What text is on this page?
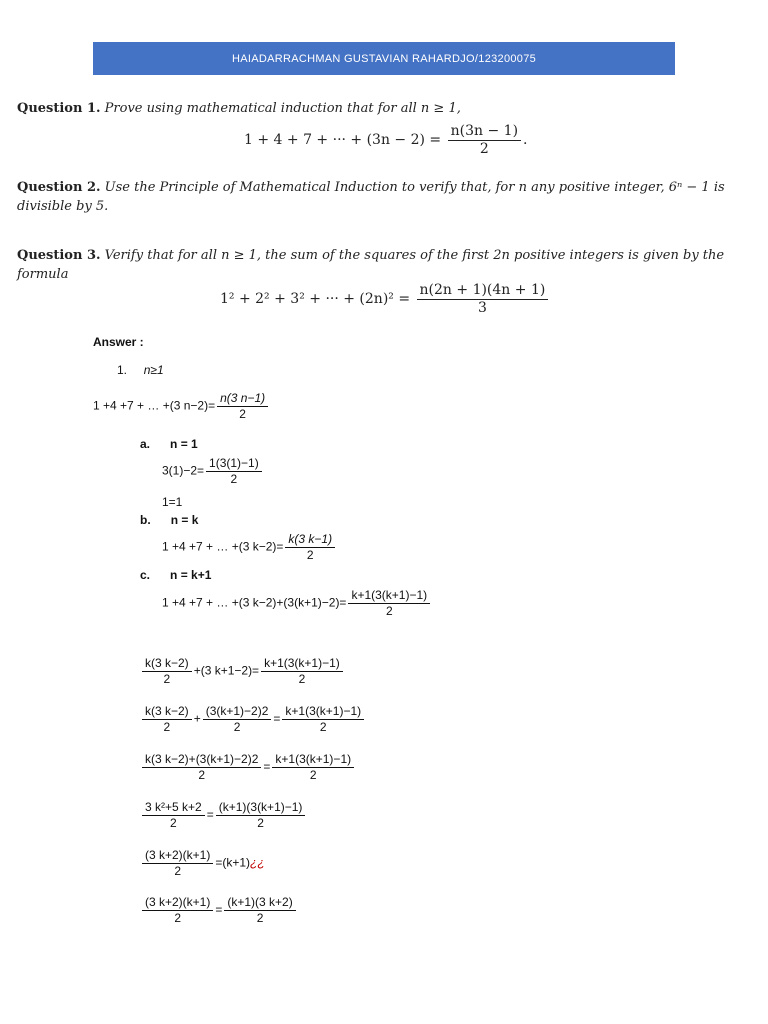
HAIADARRACHMAN GUSTAVIAN RAHARDJO/123200075
Question 1. Prove using mathematical induction that for all n ≥ 1,
1 + 4 + 7 + ··· + $(3n - 2) = \frac{n(3n - 1)}{2}$ .
Question 2. Use the Principle of Mathematical Induction to verify that, for n any positive integer, 6ⁿ − 1 is divisible by 5.
Question 3. Verify that for all n ≥ 1, the sum of the squares of the first 2n positive integers is given by the formula
1² + 2² + 3² + ··· + $(2n)^2 = \frac{n(2n + 1)(4n + 1)}{3}$
Answer :
1. n≥1
1 +4 +7 + … +(3 $n-2)= \frac{n(3 n-1)}{2}$
a. n = 1
$3(1)-2= \frac{1(3(1)-1)}{2}$
1=1
b. n = k
1 +4 +7 + … +(3 $k-2)= \frac{k(3 k-1)}{2}$
c. n = k+1
1 +4 +7 + … +(3 $k-2)+(3(k+1)-2)= \frac{k+1(3(k+1)-1)}{2}$
$\frac{k(3 k-2)}{2} +(3$ $k+1-2)= \frac{k+1(3(k+1)-1)}{2}$
$\frac{k(3 k-2)}{2} + \frac{(3(k+1)-2)2}{2} = \frac{k+1(3(k+1)-1)}{2}$
$\frac{k(3 k-2)+(3(k+1)-2)2}{2} = \frac{k+1(3(k+1)-1)}{2}$
$\frac{\text{3 k²+5 k+2}}{2} = \frac{(k+1)(3(k+1)-1)}{2}$
$\frac{(3 k+2)(k+1)}{2}$ =(k+1)¿¿
$\frac{(3 k+2)(k+1)}{2} = \frac{(k+1)(3 k+2)}{2}$
